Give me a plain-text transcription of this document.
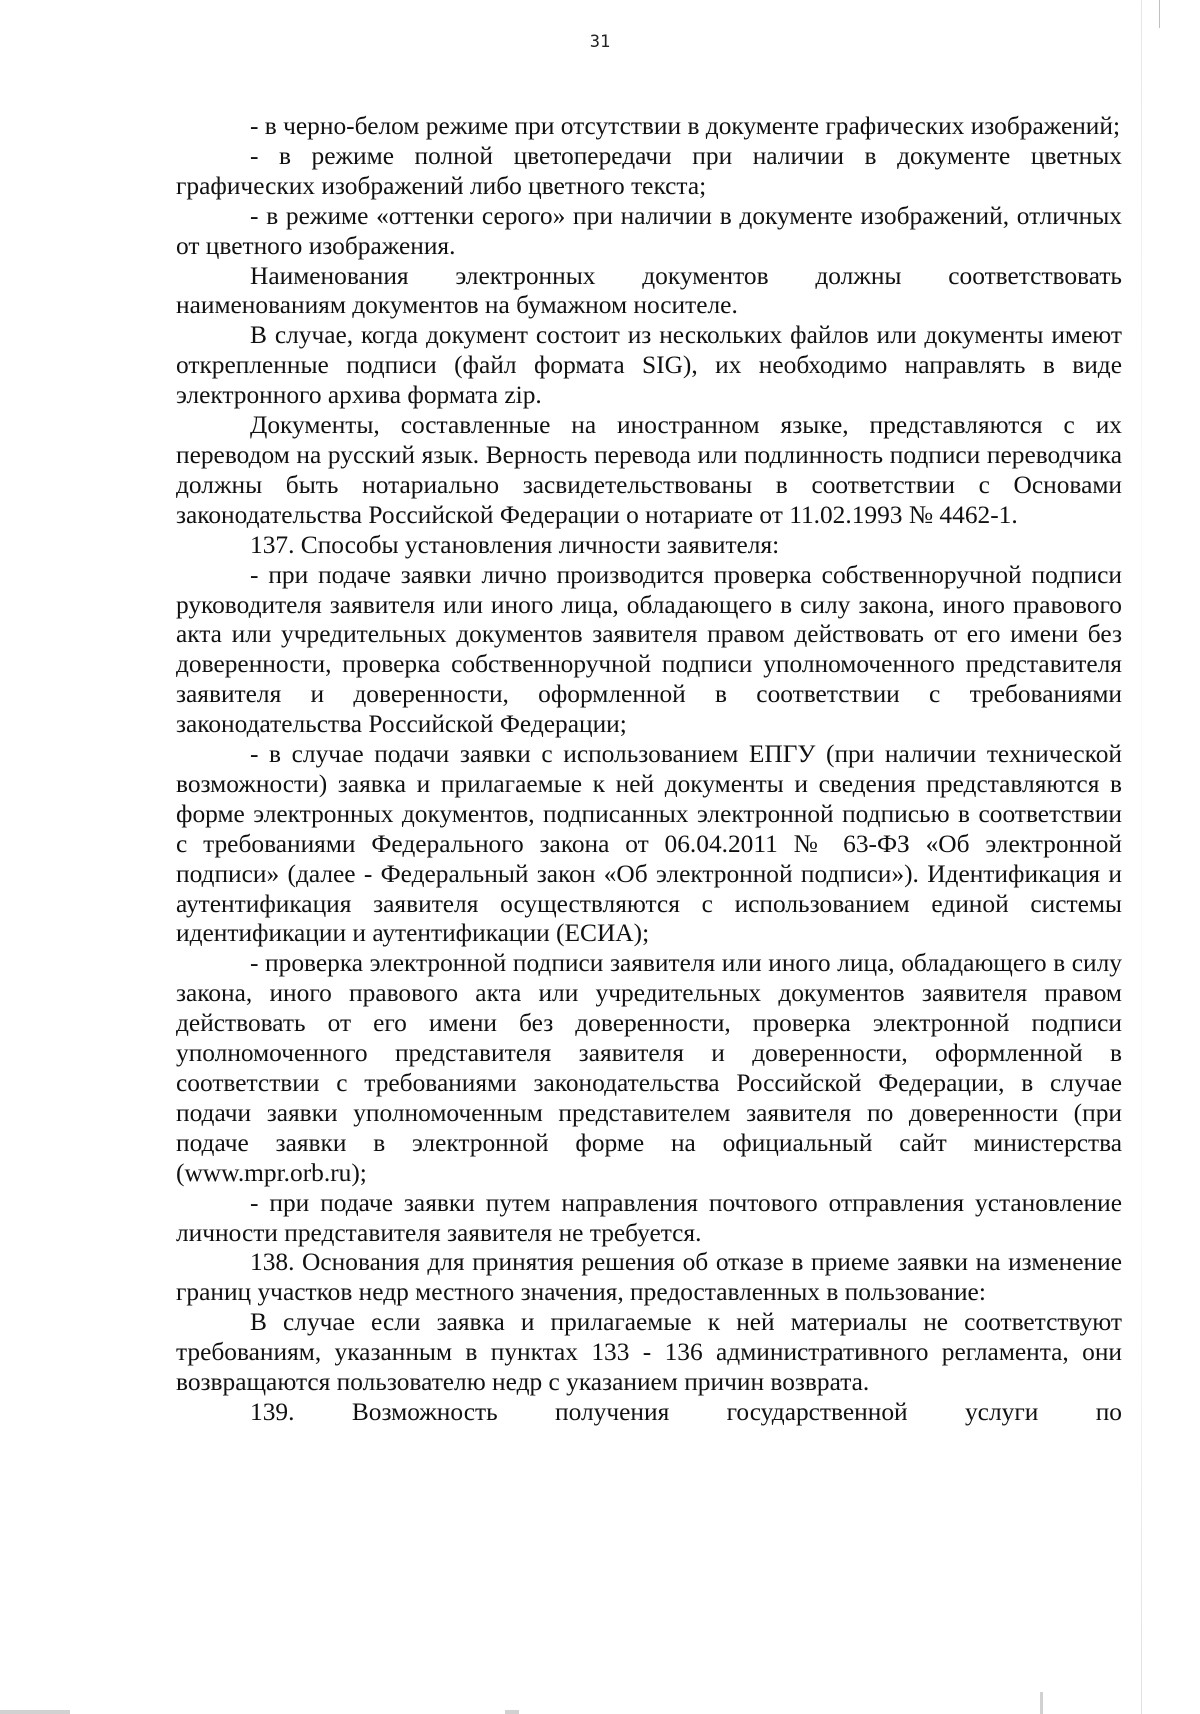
31

- в черно-белом режиме при отсутствии в документе графических изображений;

- в режиме полной цветопередачи при наличии в документе цветных графических изображений либо цветного текста;

- в режиме «оттенки серого» при наличии в документе изображений, отличных от цветного изображения.

Наименования электронных документов должны соответствовать наименованиям документов на бумажном носителе.

В случае, когда документ состоит из нескольких файлов или документы имеют открепленные подписи (файл формата SIG), их необходимо направлять в виде электронного архива формата zip.

Документы, составленные на иностранном языке, представляются с их переводом на русский язык. Верность перевода или подлинность подписи переводчика должны быть нотариально засвидетельствованы в соответствии с Основами законодательства Российской Федерации о нотариате от 11.02.1993 № 4462-1.

137. Способы установления личности заявителя:

- при подаче заявки лично производится проверка собственноручной подписи руководителя заявителя или иного лица, обладающего в силу закона, иного правового акта или учредительных документов заявителя правом действовать от его имени без доверенности, проверка собственноручной подписи уполномоченного представителя заявителя и доверенности, оформленной в соответствии с требованиями законодательства Российской Федерации;

- в случае подачи заявки с использованием ЕПГУ (при наличии технической возможности) заявка и прилагаемые к ней документы и сведения представляются в форме электронных документов, подписанных электронной подписью в соответствии с требованиями Федерального закона от 06.04.2011 № 63-ФЗ «Об электронной подписи» (далее - Федеральный закон «Об электронной подписи»). Идентификация и аутентификация заявителя осуществляются с использованием единой системы идентификации и аутентификации (ЕСИА);

- проверка электронной подписи заявителя или иного лица, обладающего в силу закона, иного правового акта или учредительных документов заявителя правом действовать от его имени без доверенности, проверка электронной подписи уполномоченного представителя заявителя и доверенности, оформленной в соответствии с требованиями законодательства Российской Федерации, в случае подачи заявки уполномоченным представителем заявителя по доверенности (при подаче заявки в электронной форме на официальный сайт министерства (www.mpr.orb.ru);

- при подаче заявки путем направления почтового отправления установление личности представителя заявителя не требуется.

138. Основания для принятия решения об отказе в приеме заявки на изменение границ участков недр местного значения, предоставленных в пользование:

В случае если заявка и прилагаемые к ней материалы не соответствуют требованиям, указанным в пунктах 133 - 136 административного регламента, они возвращаются пользователю недр с указанием причин возврата.

139. Возможность получения государственной услуги по
